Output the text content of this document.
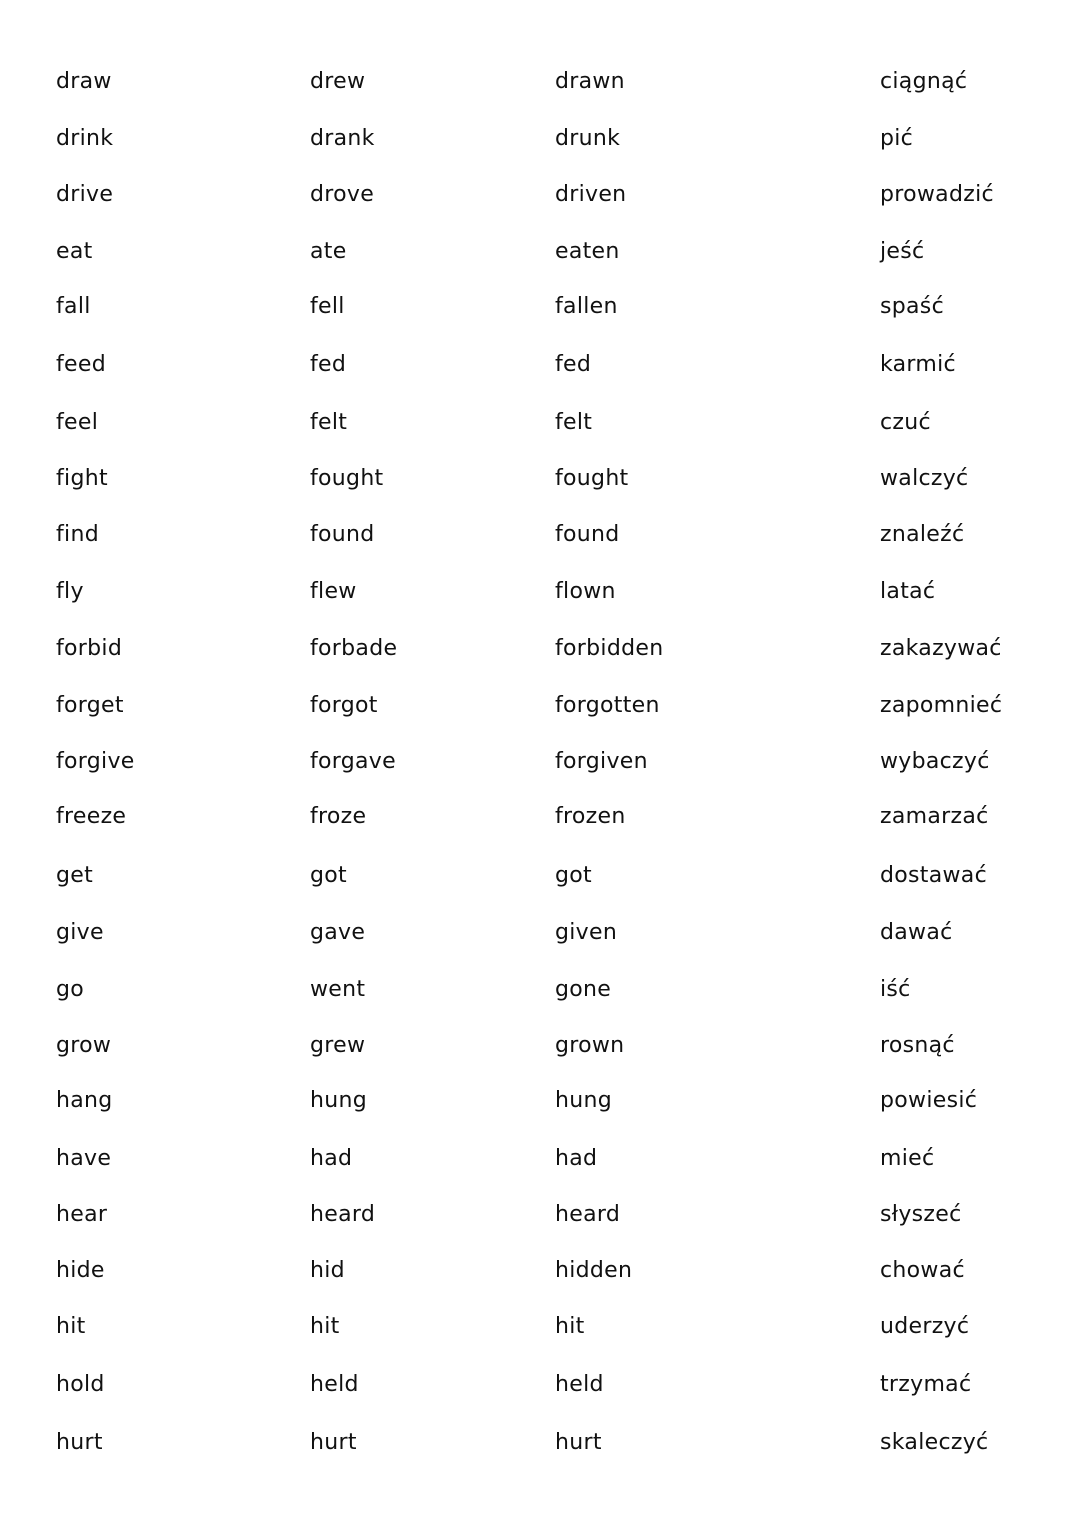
draw	drew	drawn	ciągnąć
drink	drank	drunk	pić
drive	drove	driven	prowadzić
eat	ate	eaten	jeść
fall	fell	fallen	spaść
feed	fed	fed	karmić
feel	felt	felt	czuć
fight	fought	fought	walczyć
find	found	found	znaleźć
fly	flew	flown	latać
forbid	forbade	forbidden	zakazywać
forget	forgot	forgotten	zapomnieć
forgive	forgave	forgiven	wybaczyć
freeze	froze	frozen	zamarzać
get	got	got	dostawać
give	gave	given	dawać
go	went	gone	iść
grow	grew	grown	rosnąć
hang	hung	hung	powiesić
have	had	had	mieć
hear	heard	heard	słyszeć
hide	hid	hidden	chować
hit	hit	hit	uderzyć
hold	held	held	trzymać
hurt	hurt	hurt	skaleczyć
